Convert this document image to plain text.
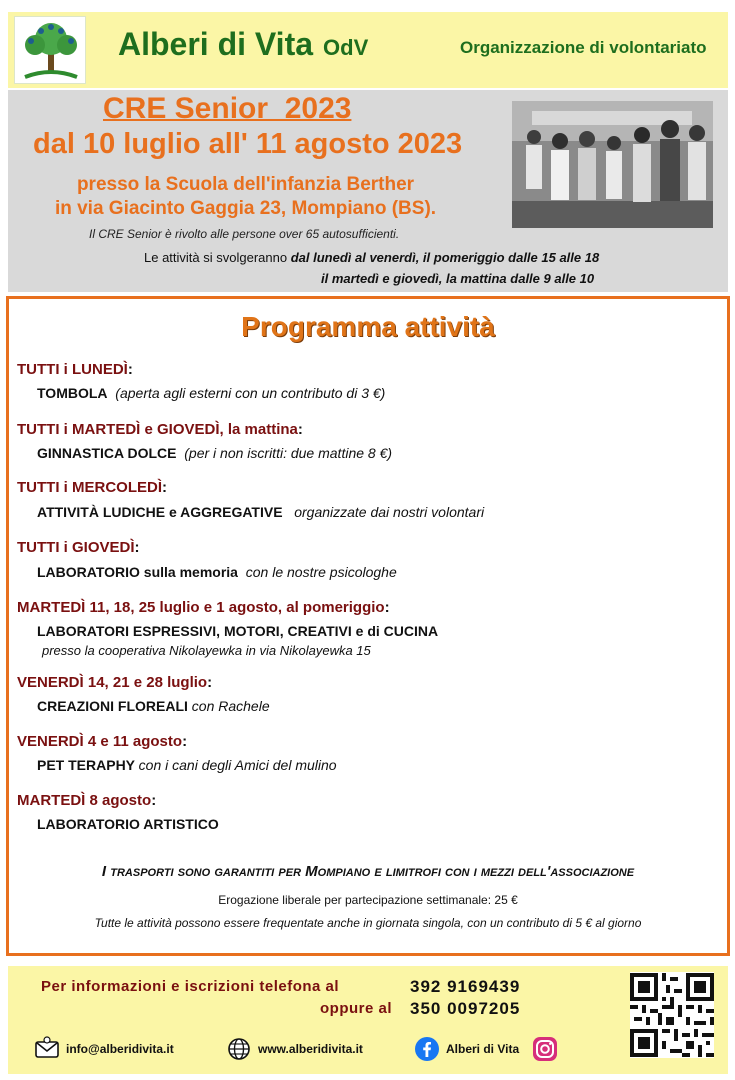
Alberi di Vita OdV	Organizzazione di volontariato
CRE Senior  2023
dal 10 luglio all' 11 agosto 2023
presso la Scuola dell'infanzia Berther
in via Giacinto Gaggia 23, Mompiano (BS).
Il CRE Senior è rivolto alle persone over 65 autosufficienti.
Le attività si svolgeranno dal lunedì al venerdì, il pomeriggio dalle 15 alle 18
il martedì e giovedì, la mattina dalle 9 alle 10
Programma attività
TUTTI i LUNEDÌ:
TOMBOLA (aperta agli esterni con un contributo di 3 €)
TUTTI i MARTEDÌ e GIOVEDÌ, la mattina:
GINNASTICA DOLCE (per i non iscritti: due mattine 8 €)
TUTTI i MERCOLEDÌ:
ATTIVITÀ LUDICHE e AGGREGATIVE organizzate dai nostri volontari
TUTTI i GIOVEDÌ:
LABORATORIO sulla memoria con le nostre psicologhe
MARTEDÌ 11, 18, 25 luglio e 1 agosto, al pomeriggio:
LABORATORI ESPRESSIVI, MOTORI, CREATIVI e di CUCINA
presso la cooperativa Nikolayewka in via Nikolayewka 15
VENERDÌ 14, 21 e 28 luglio:
CREAZIONI FLOREALI con Rachele
VENERDÌ 4 e 11 agosto:
PET TERAPHY con i cani degli Amici del mulino
MARTEDÌ 8 agosto:
LABORATORIO ARTISTICO
I trasporti sono garantiti per Mompiano e limitrofi con i mezzi dell'associazione
Erogazione liberale per partecipazione settimanale: 25 €
Tutte le attività possono essere frequentate anche in giornata singola, con un contributo di 5 € al giorno
Per informazioni e iscrizioni telefona al
oppure al
392 9169439
350 0097205
info@alberidivita.it	www.alberidivita.it	Alberi di Vita
